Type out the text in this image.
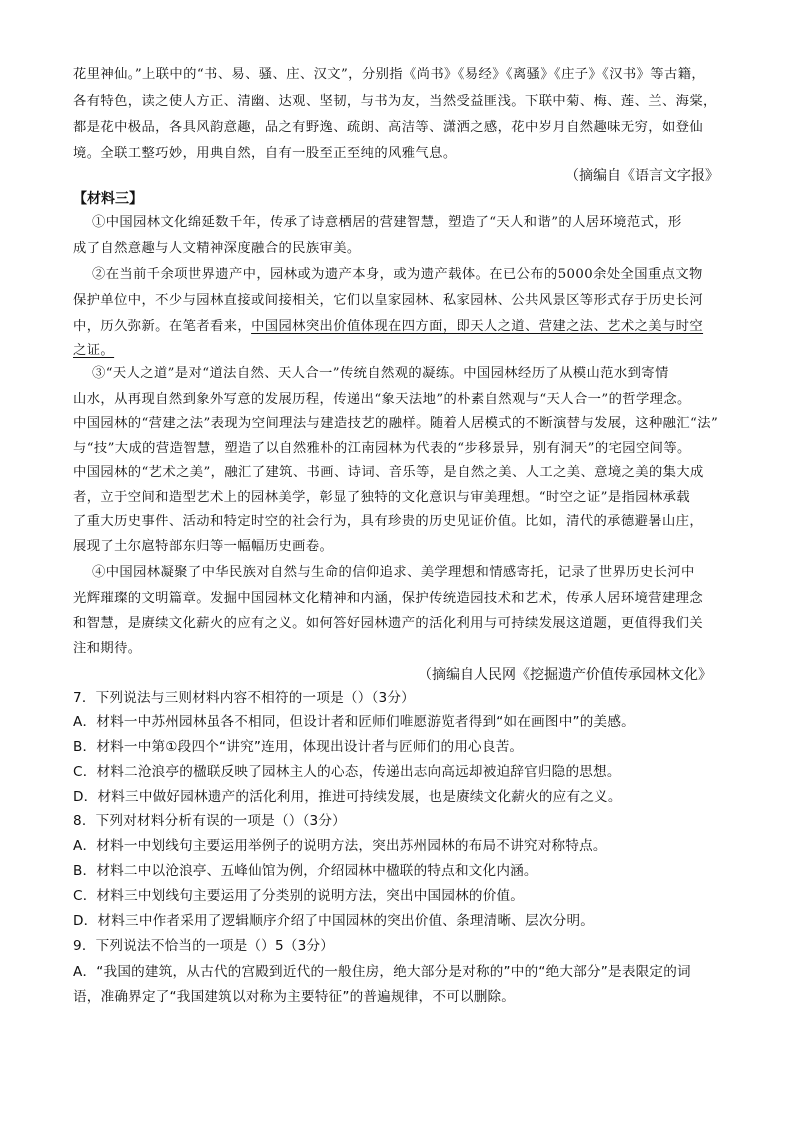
花里神仙。”上联中的“书、易、骚、庄、汉文”，分别指《尚书》《易经》《离骚》《庄子》《汉书》等古籍，
各有特色，读之使人方正、清幽、达观、坚韧，与书为友，当然受益匪浅。下联中菊、梅、莲、兰、海棠，
都是花中极品，各具风韵意趣，品之有野逸、疏朗、高洁等、潇洒之感，花中岁月自然趣味无穷，如登仙
境。全联工整巧妙，用典自然，自有一股至正至纯的风雅气息。
（摘编自《语言文字报》
【材料三】
①中国园林文化绵延数千年，传承了诗意栖居的营建智慧，塑造了“天人和谐”的人居环境范式，形
成了自然意趣与人文精神深度融合的民族审美。
②在当前千余项世界遗产中，园林或为遗产本身，或为遗产载体。在已公布的5000余处全国重点文物
保护单位中，不少与园林直接或间接相关，它们以皇家园林、私家园林、公共风景区等形式存于历史长河
中，历久弥新。在笔者看来，中国园林突出价值体现在四方面，即天人之道、营建之法、艺术之美与时空
之证。
③“天人之道”是对“道法自然、天人合一”传统自然观的凝练。中国园林经历了从模山范水到寄情
山水，从再现自然到象外写意的发展历程，传递出“象天法地”的朴素自然观与“天人合一”的哲学理念。
中国园林的“营建之法”表现为空间理法与建造技艺的融样。随着人居模式的不断演替与发展，这种融汇“法”
与“技”大成的营造智慧，塑造了以自然雅朴的江南园林为代表的“步移景异，别有洞天”的宅园空间等。
中国园林的“艺术之美”，融汇了建筑、书画、诗词、音乐等，是自然之美、人工之美、意境之美的集大成
者，立于空间和造型艺术上的园林美学，彰显了独特的文化意识与审美理想。“时空之证”是指园林承载
了重大历史事件、活动和特定时空的社会行为，具有珍贵的历史见证价值。比如，清代的承德避暑山庄，
展现了土尔扈特部东归等一幅幅历史画卷。
④中国园林凝聚了中华民族对自然与生命的信仰追求、美学理想和情感寄托，记录了世界历史长河中
光辉璀璨的文明篇章。发掘中国园林文化精神和内涵，保护传统造园技术和艺术，传承人居环境营建理念
和智慧，是赓续文化薪火的应有之义。如何答好园林遗产的活化利用与可持续发展这道题，更值得我们关
注和期待。
（摘编自人民网《挖掘遗产价值传承园林文化》
7．下列说法与三则材料内容不相符的一项是（）（3分）
A．材料一中苏州园林虽各不相同，但设计者和匠师们唯愿游览者得到“如在画图中”的美感。
B．材料一中第①段四个“讲究”连用，体现出设计者与匠师们的用心良苦。
C．材料二沧浪亭的楹联反映了园林主人的心态，传递出志向高远却被迫辞官归隐的思想。
D．材料三中做好园林遗产的活化利用，推进可持续发展，也是赓续文化薪火的应有之义。
8．下列对材料分析有误的一项是（）（3分）
A．材料一中划线句主要运用举例子的说明方法，突出苏州园林的布局不讲究对称特点。
B．材料二中以沧浪亭、五峰仙馆为例，介绍园林中楹联的特点和文化内涵。
C．材料三中划线句主要运用了分类别的说明方法，突出中国园林的价值。
D．材料三中作者采用了逻辑顺序介绍了中国园林的突出价值、条理清晰、层次分明。
9．下列说法不恰当的一项是（）5（3分）
A．“我国的建筑，从古代的宫殿到近代的一般住房，绝大部分是对称的”中的“绝大部分”是表限定的词
语，准确界定了“我国建筑以对称为主要特征”的普遍规律，不可以删除。
